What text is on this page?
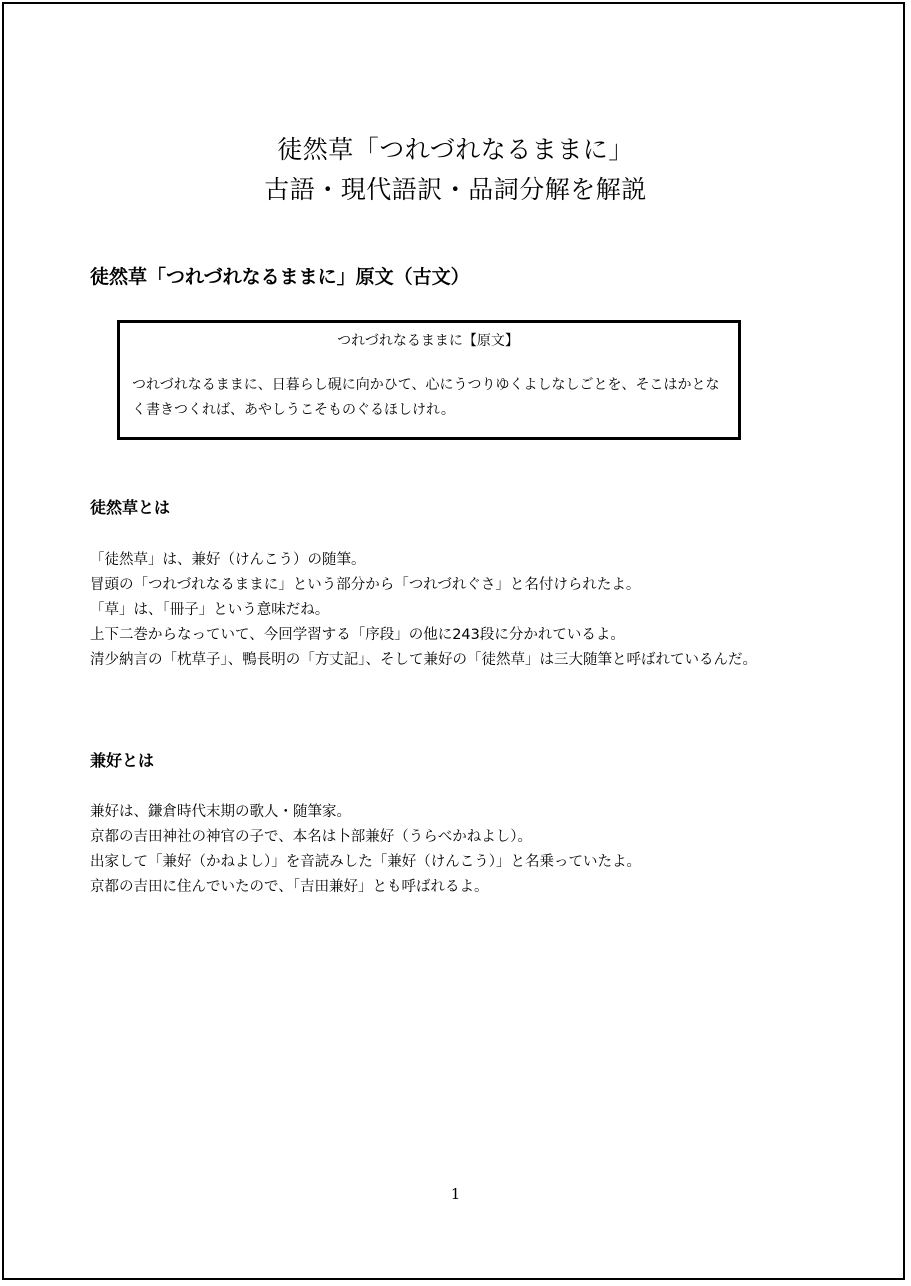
徒然草「つれづれなるままに」
古語・現代語訳・品詞分解を解説
徒然草「つれづれなるままに」原文（古文）
つれづれなるままに【原文】
つれづれなるままに、日暮らし硯に向かひて、心にうつりゆくよしなしごとを、そこはかとなく書きつくれば、あやしうこそものぐるほしけれ。
徒然草とは
「徒然草」は、兼好（けんこう）の随筆。
冒頭の「つれづれなるままに」という部分から「つれづれぐさ」と名付けられたよ。
「草」は、「冊子」という意味だね。
上下二巻からなっていて、今回学習する「序段」の他に243段に分かれているよ。
清少納言の「枕草子」、鴨長明の「方丈記」、そして兼好の「徒然草」は三大随筆と呼ばれているんだ。
兼好とは
兼好は、鎌倉時代末期の歌人・随筆家。
京都の吉田神社の神官の子で、本名は卜部兼好（うらべかねよし）。
出家して「兼好（かねよし）」を音読みした「兼好（けんこう）」と名乗っていたよ。
京都の吉田に住んでいたので、「吉田兼好」とも呼ばれるよ。
1
